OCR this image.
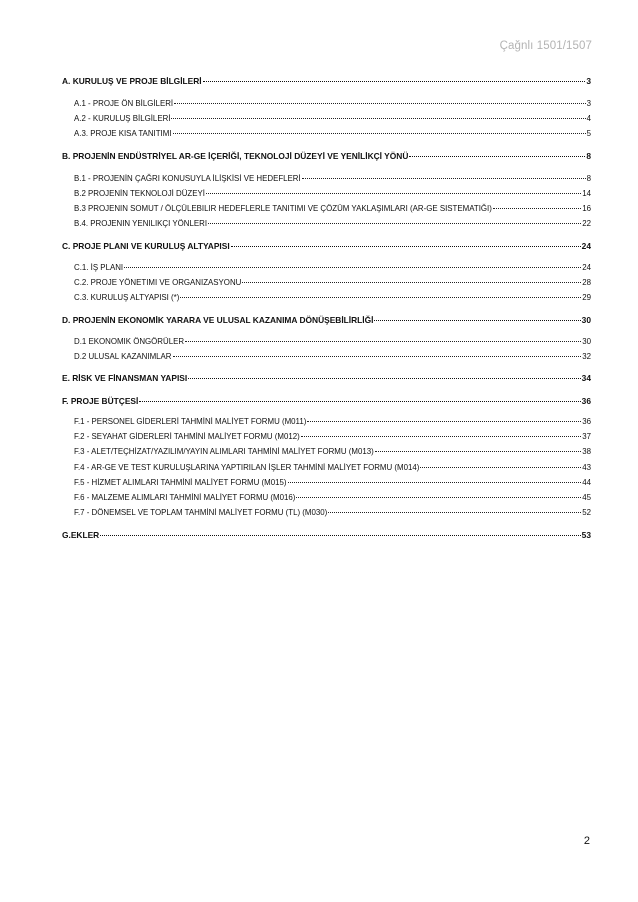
Çağnlı 1501/1507
A. KURULUŞ VE PROJE BİLGİLERİ	3
A.1 - PROJE ÖN BİLGİLERİ	3
A.2 - KURULUŞ BİLGİLERİ	4
A.3. PROJE KISA TANITIMI	5
B. PROJENİN ENDÜSTRİYEL AR-GE İÇERİĞİ, TEKNOLOJİ DÜZEYİ VE YENİLİKÇİ YÖNÜ	8
B.1 - PROJENİN ÇAĞRI KONUSUYLA İLİŞKİSİ VE HEDEFLERİ	8
B.2 PROJENİN TEKNOLOJİ DÜZEYİ	14
B.3 PROJENIN SOMUT / ÖLÇÜLEBILIR HEDEFLERLE TANITIMI VE ÇÖZÜM YAKLAŞIMLARI (AR-GE SISTEMATIĞI)	16
B.4. PROJENIN YENILIKÇI YÖNLERI	22
C. PROJE PLANI VE KURULUŞ ALTYAPISI	24
C.1. İŞ PLANI	24
C.2. PROJE YÖNETIMI VE ORGANIZASYONU	28
C.3. KURULUŞ ALTYAPISI (*)	29
D. PROJENİN EKONOMİK YARARA VE ULUSAL KAZANIMA DÖNÜŞEBİLİRLİĞİ	30
D.1 EKONOMIK ÖNGÖRÜLER	30
D.2 ULUSAL KAZANIMLAR	32
E. RİSK VE FİNANSMAN YAPISI	34
F. PROJE BÜTÇESİ	36
F.1 - PERSONEL GİDERLERİ TAHMİNİ MALİYET FORMU (M011)	36
F.2 - SEYAHAT GİDERLERİ TAHMİNİ MALİYET FORMU (M012)	37
F.3 - ALET/TEÇHİZAT/YAZILIM/YAYIN ALIMLARI TAHMİNİ MALİYET FORMU (M013)	38
F.4 - AR-GE VE TEST KURULUŞLARINA YAPTIRILAN İŞLER TAHMİNİ MALİYET FORMU (M014)	43
F.5 - HİZMET ALIMLARI TAHMİNİ MALİYET FORMU (M015)	44
F.6 - MALZEME ALIMLARI TAHMİNİ MALİYET FORMU (M016)	45
F.7 - DÖNEMSEL VE TOPLAM TAHMİNİ MALİYET FORMU (TL) (M030)	52
G.EKLER	53
2
